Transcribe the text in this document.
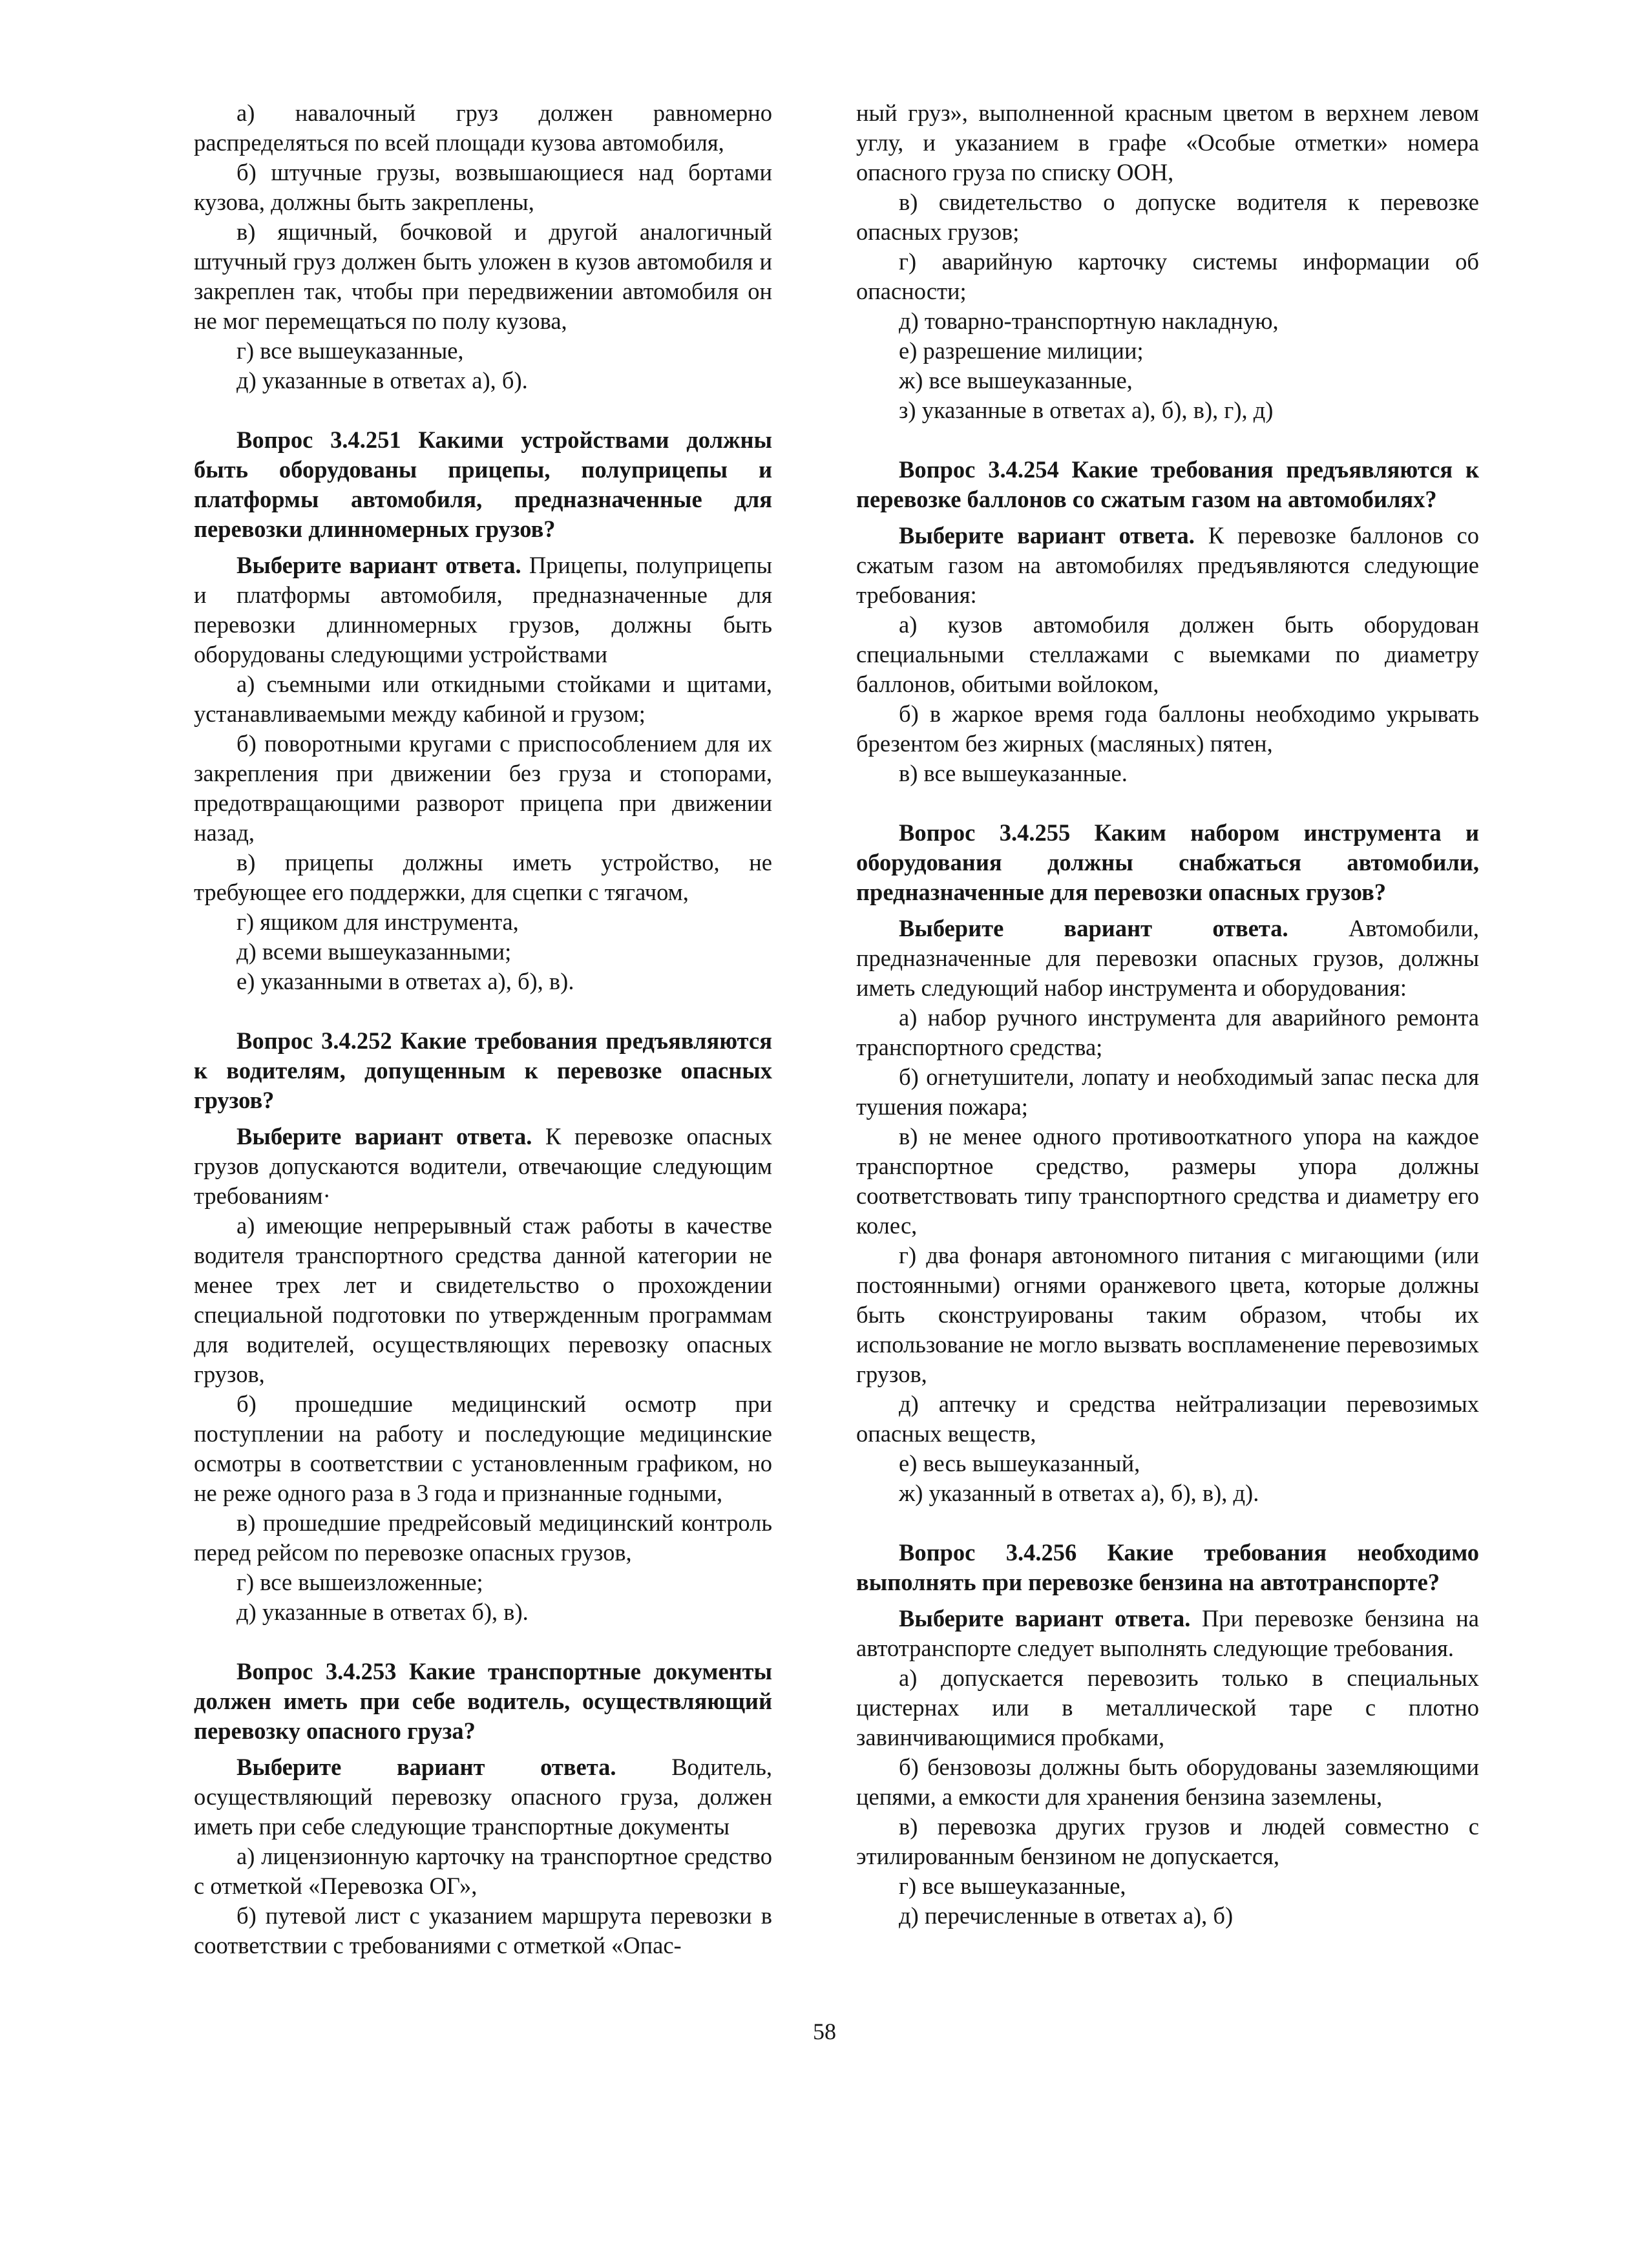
а) навалочный груз должен равномерно распределяться по всей площади кузова автомобиля,

б) штучные грузы, возвышающиеся над бортами кузова, должны быть закреплены,

в) ящичный, бочковой и другой аналогичный штучный груз должен быть уложен в кузов автомобиля и закреплен так, чтобы при передвижении автомобиля он не мог перемещаться по полу кузова,

г) все вышеуказанные,

д) указанные в ответах а), б).

Вопрос 3.4.251 Какими устройствами должны быть оборудованы прицепы, полуприцепы и платформы автомобиля, предназначенные для перевозки длинномерных грузов?

Выберите вариант ответа. Прицепы, полуприцепы и платформы автомобиля, предназначенные для перевозки длинномерных грузов, должны быть оборудованы следующими устройствами

а) съемными или откидными стойками и щитами, устанавливаемыми между кабиной и грузом;

б) поворотными кругами с приспособлением для их закрепления при движении без груза и стопорами, предотвращающими разворот прицепа при движении назад,

в) прицепы должны иметь устройство, не требующее его поддержки, для сцепки с тягачом,

г) ящиком для инструмента,

д) всеми вышеуказанными;

е) указанными в ответах а), б), в).

Вопрос 3.4.252 Какие требования предъявляются к водителям, допущенным к перевозке опасных грузов?

Выберите вариант ответа. К перевозке опасных грузов допускаются водители, отвечающие следующим требованиям·

а) имеющие непрерывный стаж работы в качестве водителя транспортного средства данной категории не менее трех лет и свидетельство о прохождении специальной подготовки по утвержденным программам для водителей, осуществляющих перевозку опасных грузов,

б) прошедшие медицинский осмотр при поступлении на работу и последующие медицинские осмотры в соответствии с установленным графиком, но не реже одного раза в 3 года и признанные годными,

в) прошедшие предрейсовый медицинский контроль перед рейсом по перевозке опасных грузов,

г) все вышеизложенные;

д) указанные в ответах б), в).

Вопрос 3.4.253 Какие транспортные документы должен иметь при себе водитель, осуществляющий перевозку опасного груза?

Выберите вариант ответа. Водитель, осуществляющий перевозку опасного груза, должен иметь при себе следующие транспортные документы

а) лицензионную карточку на транспортное средство с отметкой «Перевозка ОГ»,

б) путевой лист с указанием маршрута перевозки в соответствии с требованиями с отметкой «Опас-

ный груз», выполненной красным цветом в верхнем левом углу, и указанием в графе «Особые отметки» номера опасного груза по списку ООН,

в) свидетельство о допуске водителя к перевозке опасных грузов;

г) аварийную карточку системы информации об опасности;

д) товарно-транспортную накладную,

е) разрешение милиции;

ж) все вышеуказанные,

з) указанные в ответах а), б), в), г), д)

Вопрос 3.4.254 Какие требования предъявляются к перевозке баллонов со сжатым газом на автомобилях?

Выберите вариант ответа. К перевозке баллонов со сжатым газом на автомобилях предъявляются следующие требования:

а) кузов автомобиля должен быть оборудован специальными стеллажами с выемками по диаметру баллонов, обитыми войлоком,

б) в жаркое время года баллоны необходимо укрывать брезентом без жирных (масляных) пятен,

в) все вышеуказанные.

Вопрос 3.4.255 Каким набором инструмента и оборудования должны снабжаться автомобили, предназначенные для перевозки опасных грузов?

Выберите вариант ответа. Автомобили, предназначенные для перевозки опасных грузов, должны иметь следующий набор инструмента и оборудования:

а) набор ручного инструмента для аварийного ремонта транспортного средства;

б) огнетушители, лопату и необходимый запас песка для тушения пожара;

в) не менее одного противооткатного упора на каждое транспортное средство, размеры упора должны соответствовать типу транспортного средства и диаметру его колес,

г) два фонаря автономного питания с мигающими (или постоянными) огнями оранжевого цвета, которые должны быть сконструированы таким образом, чтобы их использование не могло вызвать воспламенение перевозимых грузов,

д) аптечку и средства нейтрализации перевозимых опасных веществ,

е) весь вышеуказанный,

ж) указанный в ответах а), б), в), д).

Вопрос 3.4.256 Какие требования необходимо выполнять при перевозке бензина на автотранспорте?

Выберите вариант ответа. При перевозке бензина на автотранспорте следует выполнять следующие требования.

а) допускается перевозить только в специальных цистернах или в металлической таре с плотно завинчивающимися пробками,

б) бензовозы должны быть оборудованы заземляющими цепями, а емкости для хранения бензина заземлены,

в) перевозка других грузов и людей совместно с этилированным бензином не допускается,

г) все вышеуказанные,

д) перечисленные в ответах а), б)

58
